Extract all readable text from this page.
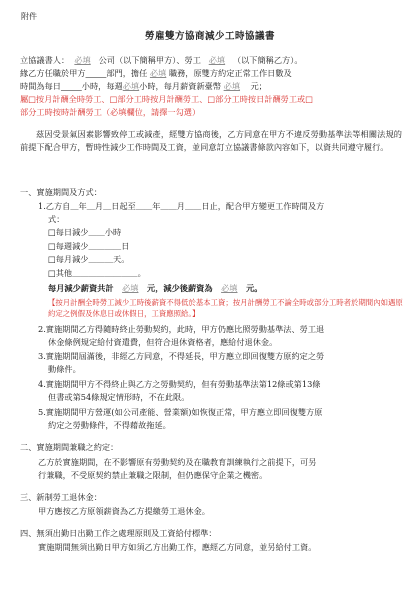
附件
勞雇雙方協商減少工時協議書
立協議書人： 必填 公司（以下簡稱甲方）、勞工 必填 （以下簡稱乙方）。
緣乙方任職於甲方	部門，擔任 必填 職務，原雙方約定正常工作日數及
時間為每日	小時，每週必填小時，每月薪資新臺幣 必填 元；
屬□按月計酬全時勞工、□部分工時按月計酬勞工、□部分工時按日計酬勞工或□
部分工時按時計酬勞工（必填欄位，請擇一勾選）
茲因受景氣因素影響致停工或減產，經雙方協商後，乙方同意在甲方不違反勞動基準法等相關法規的前提下配合甲方，暫時性減少工作時間及工資，並同意訂立協議書條款內容如下，以資共同遵守履行。
一、實施期間及方式：
1.乙方自＿年＿月＿日起至＿＿年＿＿月＿＿日止，配合甲方變更工作時間及方
式：
□每日減少＿＿小時
□每週減少＿＿＿＿日
□每月減少＿＿＿天。
□其他＿＿＿＿＿＿＿＿。
每月減少薪資共計 必填 元，減少後薪資為 必填 元。
【按月計酬全時勞工減少工時後薪資不得低於基本工資；按月計酬勞工不論全時或部分工時者於期間內如遇原約定之例假及休息日或休假日，工資應照給。】
2.實施期間乙方得隨時終止勞動契約，此時，甲方仍應比照勞動基準法、勞工退
休金條例規定給付資遣費，但符合退休資格者，應給付退休金。
3.實施期間屆滿後，非經乙方同意，不得延長，甲方應立即回復雙方原約定之勞
動條件。
4.實施期間甲方不得終止與乙方之勞動契約，但有勞動基準法第12條或第13條
但書或第54條規定情形時，不在此限。
5.實施期間甲方營運(如公司產能、營業額)如恢復正常，甲方應立即回復雙方原
約定之勞動條件，不得藉故拖延。
二、實施期間兼職之約定：
乙方於實施期間，在不影響原有勞動契約及在職教育訓練執行之前提下，可另
行兼職，不受原契約禁止兼職之限制，但仍應保守企業之機密。
三、新制勞工退休金：
甲方應按乙方原領薪資為乙方提繳勞工退休金。
四、無須出勤日出勤工作之處理原則及工資給付標準：
實施期間無須出勤日甲方如須乙方出勤工作，應經乙方同意，並另給付工資。
